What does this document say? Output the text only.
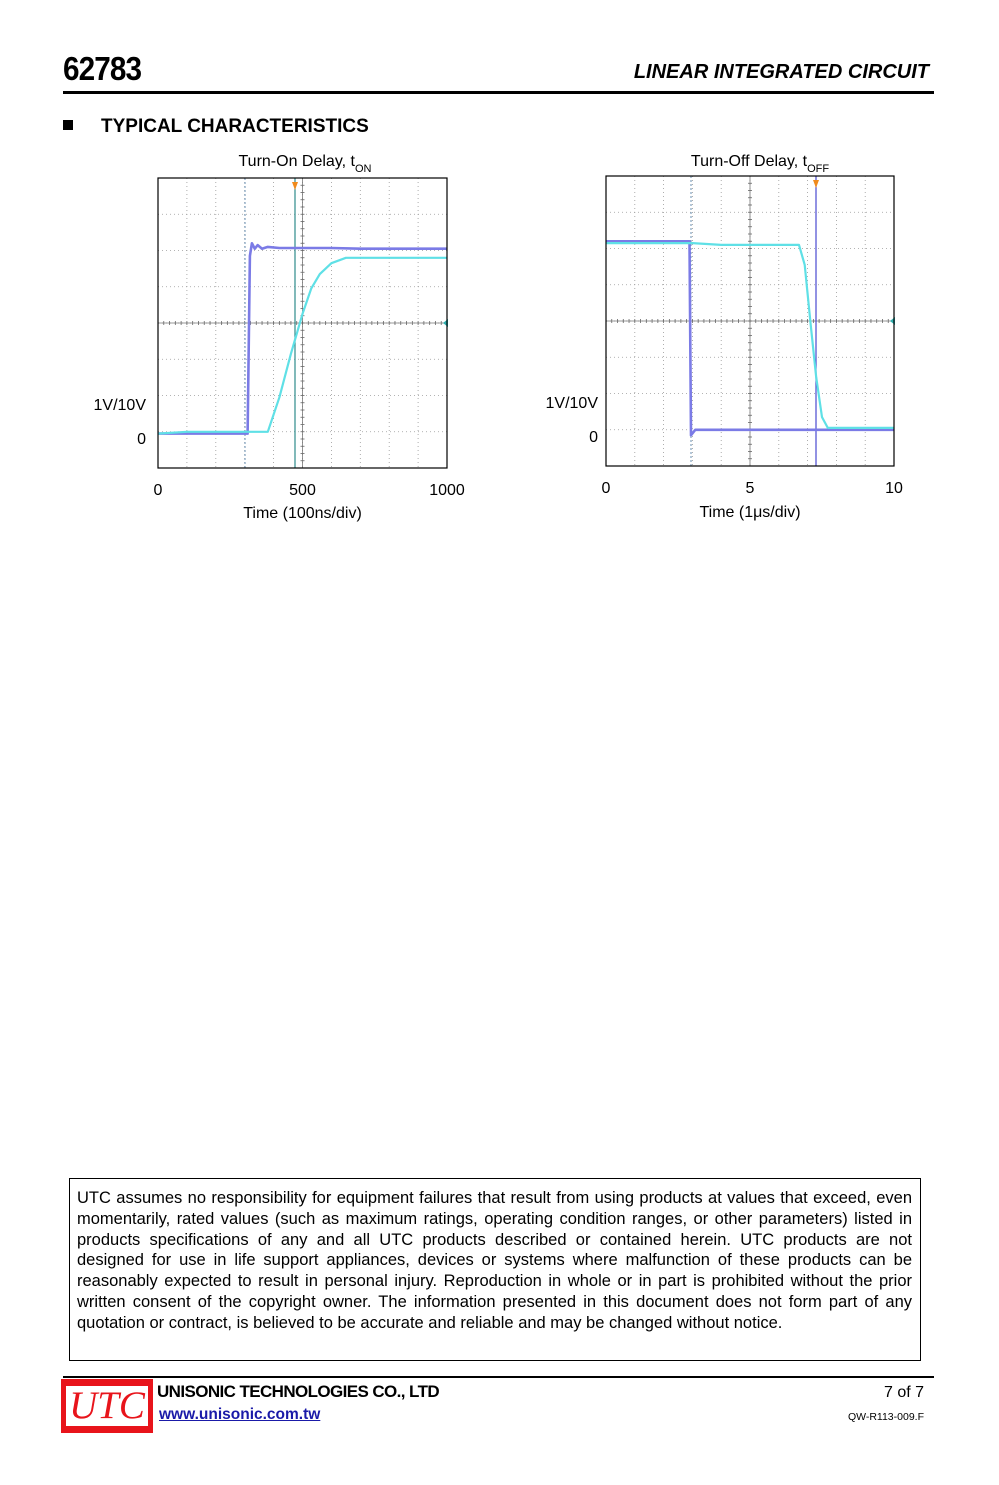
62783	LINEAR INTEGRATED CIRCUIT
TYPICAL CHARACTERISTICS
Turn-On Delay, $t_{ON}$
1V/10V
0
0	500	1000
Time (100ns/div)
Turn-Off Delay, $t_{OFF}$
1V/10V
0
0	5	10
Time (1μs/div)
UTC assumes no responsibility for equipment failures that result from using products at values that exceed, even momentarily, rated values (such as maximum ratings, operating condition ranges, or other parameters) listed in products specifications of any and all UTC products described or contained herein. UTC products are not designed for use in life support appliances, devices or systems where malfunction of these products can be reasonably expected to result in personal injury. Reproduction in whole or in part is prohibited without the prior written consent of the copyright owner. The information presented in this document does not form part of any quotation or contract, is believed to be accurate and reliable and may be changed without notice.
UTC UNISONIC TECHNOLOGIES CO., LTD
www.unisonic.com.tw
7 of 7
QW-R113-009.F
